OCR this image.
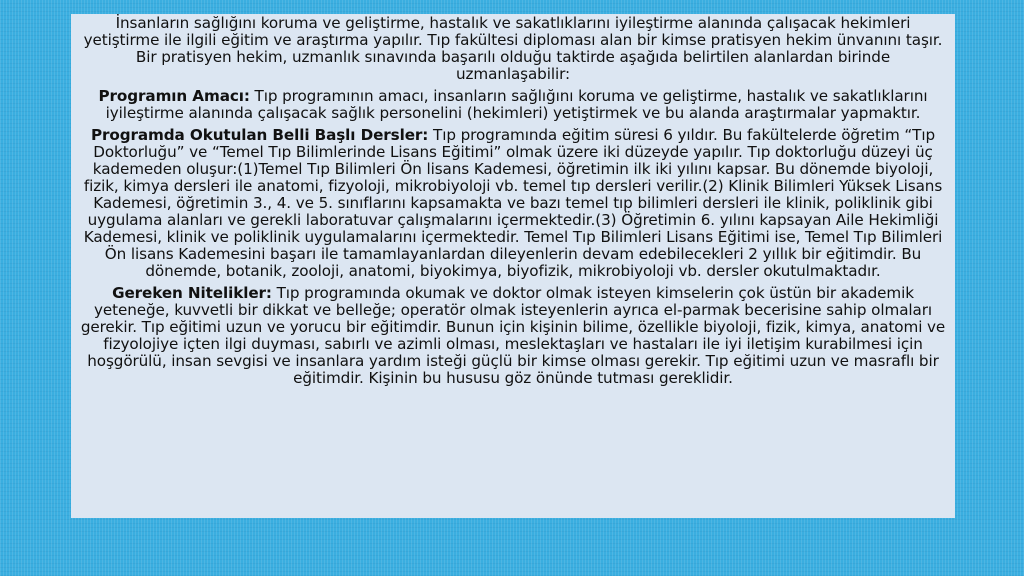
İnsanların sağlığını koruma ve geliştirme, hastalık ve sakatlıklarını iyileştirme alanında çalışacak hekimleri yetiştirme ile ilgili eğitim ve araştırma yapılır. Tıp fakültesi diploması alan bir kimse pratisyen hekim ünvanını taşır. Bir pratisyen hekim, uzmanlık sınavında başarılı olduğu taktirde aşağıda belirtilen alanlardan birinde uzmanlaşabilir:

Programın Amacı: Tıp programının amacı, insanların sağlığını koruma ve geliştirme, hastalık ve sakatlıklarını iyileştirme alanında çalışacak sağlık personelini (hekimleri) yetiştirmek ve bu alanda araştırmalar yapmaktır.

Programda Okutulan Belli Başlı Dersler: Tıp programında eğitim süresi 6 yıldır. Bu fakültelerde öğretim “Tıp Doktorluğu” ve “Temel Tıp Bilimlerinde Lisans Eğitimi” olmak üzere iki düzeyde yapılır. Tıp doktorluğu düzeyi üç kademeden oluşur:(1)Temel Tıp Bilimleri Ön lisans Kademesi, öğretimin ilk iki yılını kapsar. Bu dönemde biyoloji, fizik, kimya dersleri ile anatomi, fizyoloji, mikrobiyoloji vb. temel tıp dersleri verilir.(2) Klinik Bilimleri Yüksek Lisans Kademesi, öğretimin 3., 4. ve 5. sınıflarını kapsamakta ve bazı temel tıp bilimleri dersleri ile klinik, poliklinik gibi uygulama alanları ve gerekli laboratuvar çalışmalarını içermektedir.(3) Öğretimin 6. yılını kapsayan Aile Hekimliği Kademesi, klinik ve poliklinik uygulamalarını içermektedir. Temel Tıp Bilimleri Lisans Eğitimi ise, Temel Tıp Bilimleri Ön lisans Kademesini başarı ile tamamlayanlardan dileyenlerin devam edebilecekleri 2 yıllık bir eğitimdir. Bu dönemde, botanik, zooloji, anatomi, biyokimya, biyofizik, mikrobiyoloji vb. dersler okutulmaktadır.

Gereken Nitelikler: Tıp programında okumak ve doktor olmak isteyen kimselerin çok üstün bir akademik yeteneğe, kuvvetli bir dikkat ve belleğe; operatör olmak isteyenlerin ayrıca el-parmak becerisine sahip olmaları gerekir. Tıp eğitimi uzun ve yorucu bir eğitimdir. Bunun için kişinin bilime, özellikle biyoloji, fizik, kimya, anatomi ve fizyolojiye içten ilgi duyması, sabırlı ve azimli olması, meslektaşları ve hastaları ile iyi iletişim kurabilmesi için hoşgörülü, insan sevgisi ve insanlara yardım isteği güçlü bir kimse olması gerekir. Tıp eğitimi uzun ve masraflı bir eğitimdir. Kişinin bu hususu göz önünde tutması gereklidir.
